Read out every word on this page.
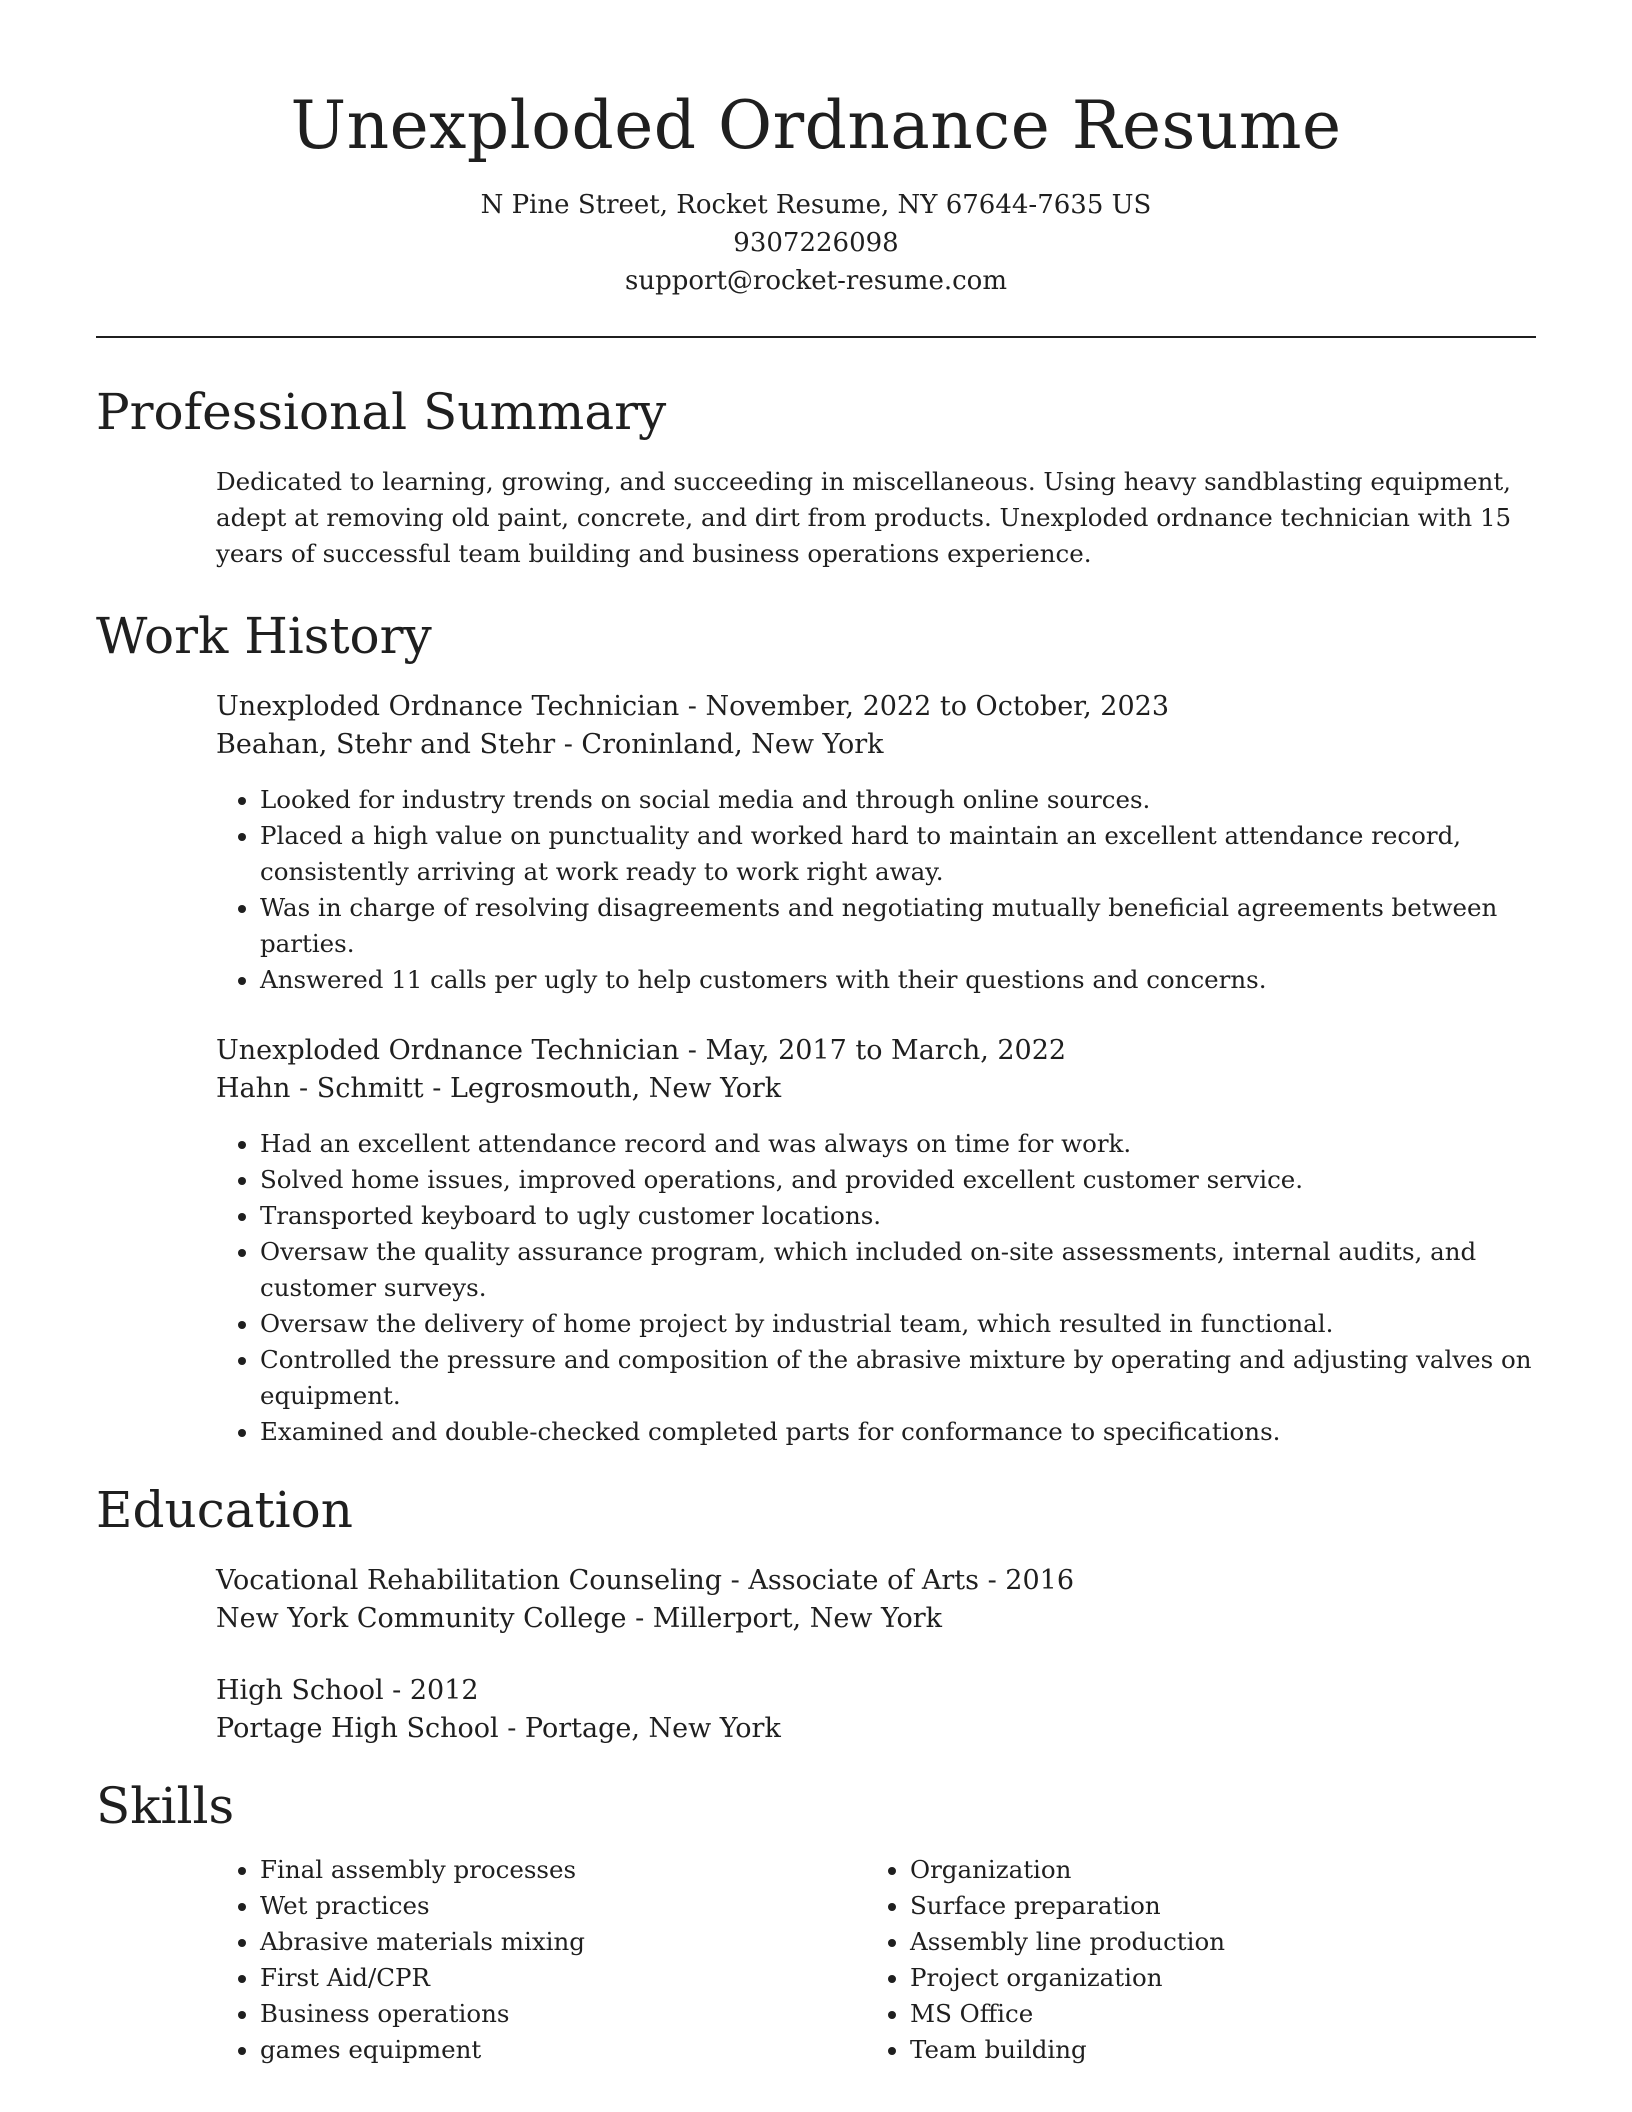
Unexploded Ordnance Resume
N Pine Street, Rocket Resume, NY 67644-7635 US
9307226098
support@rocket-resume.com
Professional Summary
Dedicated to learning, growing, and succeeding in miscellaneous. Using heavy sandblasting equipment, adept at removing old paint, concrete, and dirt from products. Unexploded ordnance technician with 15 years of successful team building and business operations experience.
Work History
Unexploded Ordnance Technician - November, 2022 to October, 2023
Beahan, Stehr and Stehr - Croninland, New York
• Looked for industry trends on social media and through online sources.
• Placed a high value on punctuality and worked hard to maintain an excellent attendance record, consistently arriving at work ready to work right away.
• Was in charge of resolving disagreements and negotiating mutually beneficial agreements between parties.
• Answered 11 calls per ugly to help customers with their questions and concerns.
Unexploded Ordnance Technician - May, 2017 to March, 2022
Hahn - Schmitt - Legrosmouth, New York
• Had an excellent attendance record and was always on time for work.
• Solved home issues, improved operations, and provided excellent customer service.
• Transported keyboard to ugly customer locations.
• Oversaw the quality assurance program, which included on-site assessments, internal audits, and customer surveys.
• Oversaw the delivery of home project by industrial team, which resulted in functional.
• Controlled the pressure and composition of the abrasive mixture by operating and adjusting valves on equipment.
• Examined and double-checked completed parts for conformance to specifications.
Education
Vocational Rehabilitation Counseling - Associate of Arts - 2016
New York Community College - Millerport, New York
High School - 2012
Portage High School - Portage, New York
Skills
• Final assembly processes
• Wet practices
• Abrasive materials mixing
• First Aid/CPR
• Business operations
• games equipment
• Organization
• Surface preparation
• Assembly line production
• Project organization
• MS Office
• Team building
